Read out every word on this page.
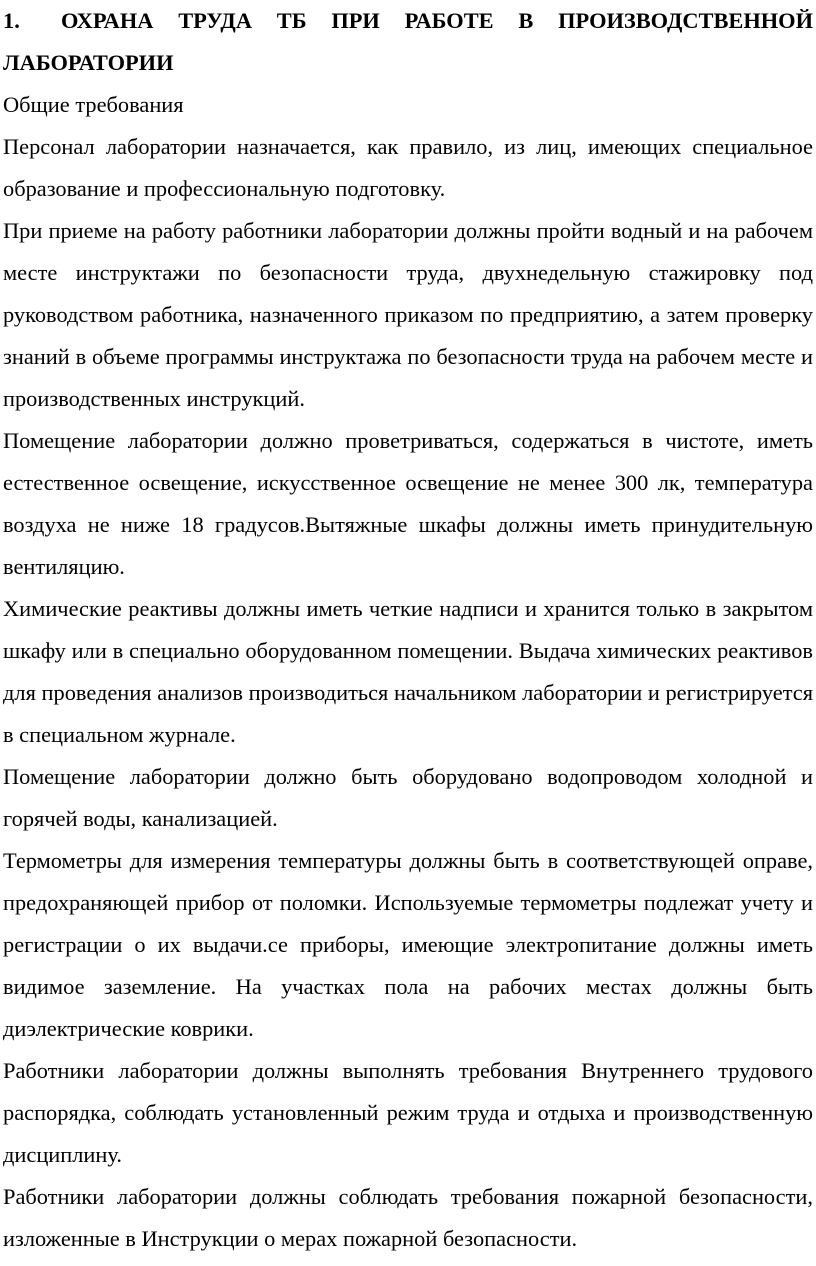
1. ОХРАНА ТРУДА ТБ ПРИ РАБОТЕ В ПРОИЗВОДСТВЕННОЙ ЛАБОРАТОРИИ

Общие требования

Персонал лаборатории назначается, как правило, из лиц, имеющих специальное образование и профессиональную подготовку.

При приеме на работу работники лаборатории должны пройти водный и на рабочем месте инструктажи по безопасности труда, двухнедельную стажировку под руководством работника, назначенного приказом по предприятию, а затем проверку знаний в объеме программы инструктажа по безопасности труда на рабочем месте и производственных инструкций.

Помещение лаборатории должно проветриваться, содержаться в чистоте, иметь естественное освещение, искусственное освещение не менее 300 лк, температура воздуха не ниже 18 градусов.Вытяжные шкафы должны иметь принудительную вентиляцию.

Химические реактивы должны иметь четкие надписи и хранится только в закрытом шкафу или в специально оборудованном помещении. Выдача химических реактивов для проведения анализов производиться начальником лаборатории и регистрируется в специальном журнале.

Помещение лаборатории должно быть оборудовано водопроводом холодной и горячей воды, канализацией.

Термометры для измерения температуры должны быть в соответствующей оправе, предохраняющей прибор от поломки. Используемые термометры подлежат учету и регистрации о их выдачи.се приборы, имеющие электропитание должны иметь видимое заземление. На участках пола на рабочих местах должны быть диэлектрические коврики.

Работники лаборатории должны выполнять требования Внутреннего трудового распорядка, соблюдать установленный режим труда и отдыха и производственную дисциплину.

Работники лаборатории должны соблюдать требования пожарной безопасности, изложенные в Инструкции о мерах пожарной безопасности.
